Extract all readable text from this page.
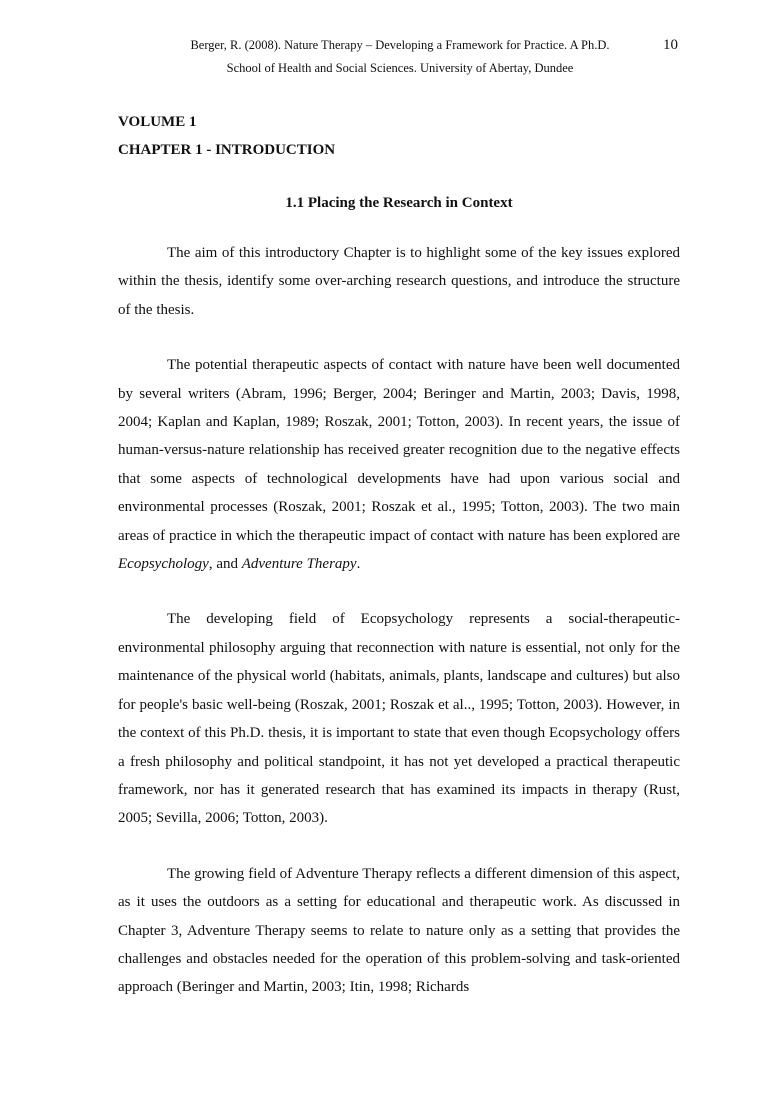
Berger, R. (2008). Nature Therapy – Developing a Framework for Practice. A Ph.D.
School of Health and Social Sciences. University of Abertay, Dundee
10

VOLUME 1

CHAPTER 1 - INTRODUCTION

1.1 Placing the Research in Context

The aim of this introductory Chapter is to highlight some of the key issues explored within the thesis, identify some over-arching research questions, and introduce the structure of the thesis.

The potential therapeutic aspects of contact with nature have been well documented by several writers (Abram, 1996; Berger, 2004; Beringer and Martin, 2003; Davis, 1998, 2004; Kaplan and Kaplan, 1989; Roszak, 2001; Totton, 2003). In recent years, the issue of human-versus-nature relationship has received greater recognition due to the negative effects that some aspects of technological developments have had upon various social and environmental processes (Roszak, 2001; Roszak et al., 1995; Totton, 2003). The two main areas of practice in which the therapeutic impact of contact with nature has been explored are Ecopsychology, and Adventure Therapy.

The developing field of Ecopsychology represents a social-therapeutic-environmental philosophy arguing that reconnection with nature is essential, not only for the maintenance of the physical world (habitats, animals, plants, landscape and cultures) but also for people's basic well-being (Roszak, 2001; Roszak et al.., 1995; Totton, 2003). However, in the context of this Ph.D. thesis, it is important to state that even though Ecopsychology offers a fresh philosophy and political standpoint, it has not yet developed a practical therapeutic framework, nor has it generated research that has examined its impacts in therapy (Rust, 2005; Sevilla, 2006; Totton, 2003).

The growing field of Adventure Therapy reflects a different dimension of this aspect, as it uses the outdoors as a setting for educational and therapeutic work. As discussed in Chapter 3, Adventure Therapy seems to relate to nature only as a setting that provides the challenges and obstacles needed for the operation of this problem-solving and task-oriented approach (Beringer and Martin, 2003; Itin, 1998; Richards
